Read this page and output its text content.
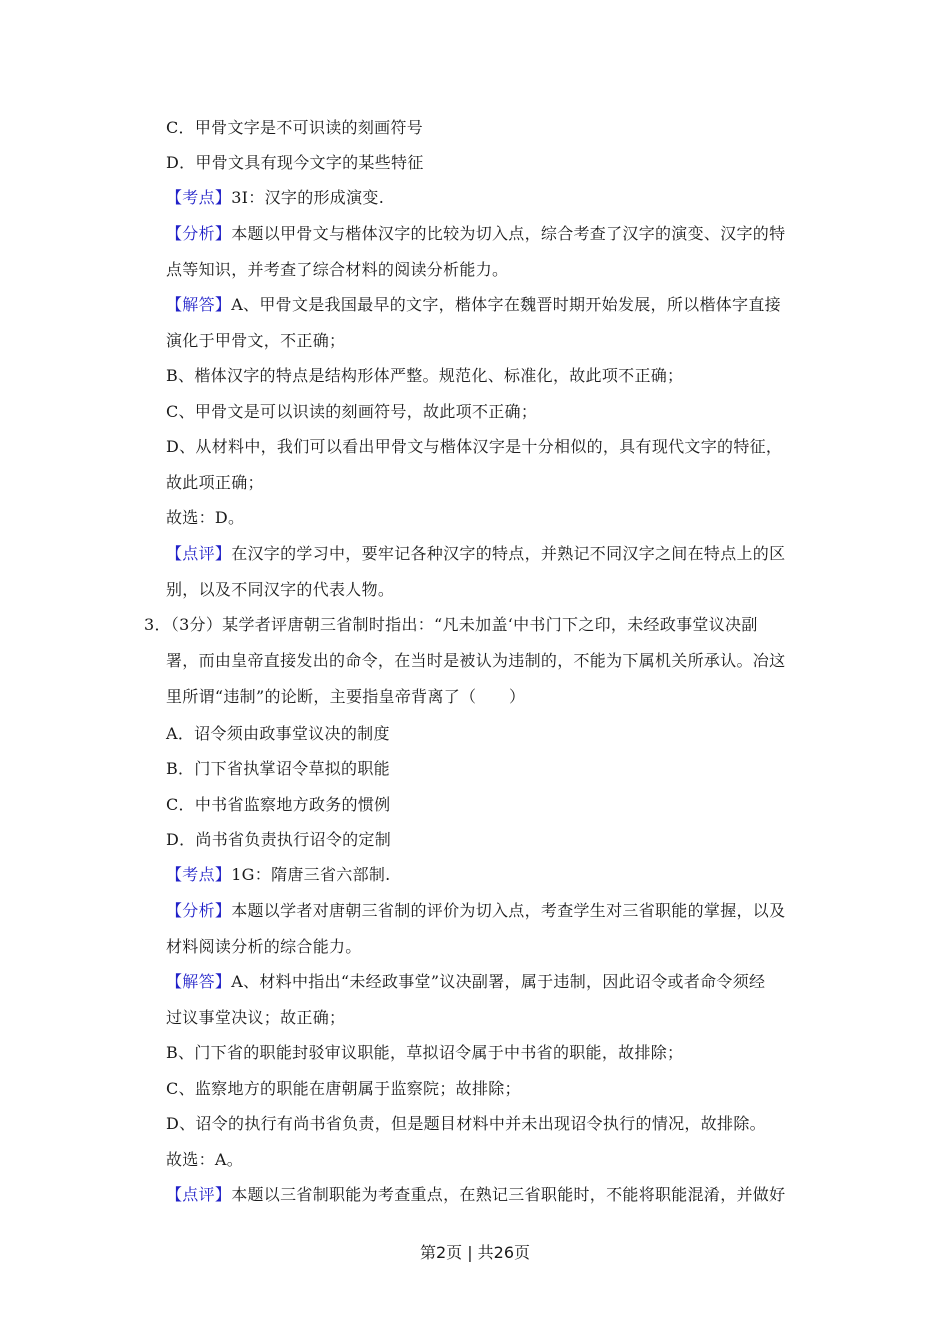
C．甲骨文字是不可识读的刻画符号
D．甲骨文具有现今文字的某些特征
【考点】3I：汉字的形成演变.
【分析】本题以甲骨文与楷体汉字的比较为切入点，综合考查了汉字的演变、汉字的特
点等知识，并考查了综合材料的阅读分析能力。
【解答】A、甲骨文是我国最早的文字，楷体字在魏晋时期开始发展，所以楷体字直接
演化于甲骨文，不正确；
B、楷体汉字的特点是结构形体严整。规范化、标准化，故此项不正确；
C、甲骨文是可以识读的刻画符号，故此项不正确；
D、从材料中，我们可以看出甲骨文与楷体汉字是十分相似的，具有现代文字的特征，
故此项正确；
故选：D。
【点评】在汉字的学习中，要牢记各种汉字的特点，并熟记不同汉字之间在特点上的区
别，以及不同汉字的代表人物。
3．（3分）某学者评唐朝三省制时指出：“凡未加盖‘中书门下之印，未经政事堂议决副
署，而由皇帝直接发出的命令，在当时是被认为违制的，不能为下属机关所承认。冶这
里所谓“违制”的论断，主要指皇帝背离了（　　）
A．诏令须由政事堂议决的制度
B．门下省执掌诏令草拟的职能
C．中书省监察地方政务的惯例
D．尚书省负责执行诏令的定制
【考点】1G：隋唐三省六部制.
【分析】本题以学者对唐朝三省制的评价为切入点，考查学生对三省职能的掌握，以及
材料阅读分析的综合能力。
【解答】A、材料中指出“未经政事堂”议决副署，属于违制，因此诏令或者命令须经
过议事堂决议；故正确；
B、门下省的职能封驳审议职能，草拟诏令属于中书省的职能，故排除；
C、监察地方的职能在唐朝属于监察院；故排除；
D、诏令的执行有尚书省负责，但是题目材料中并未出现诏令执行的情况，故排除。
故选：A。
【点评】本题以三省制职能为考查重点，在熟记三省职能时，不能将职能混淆，并做好
第2页 | 共26页
